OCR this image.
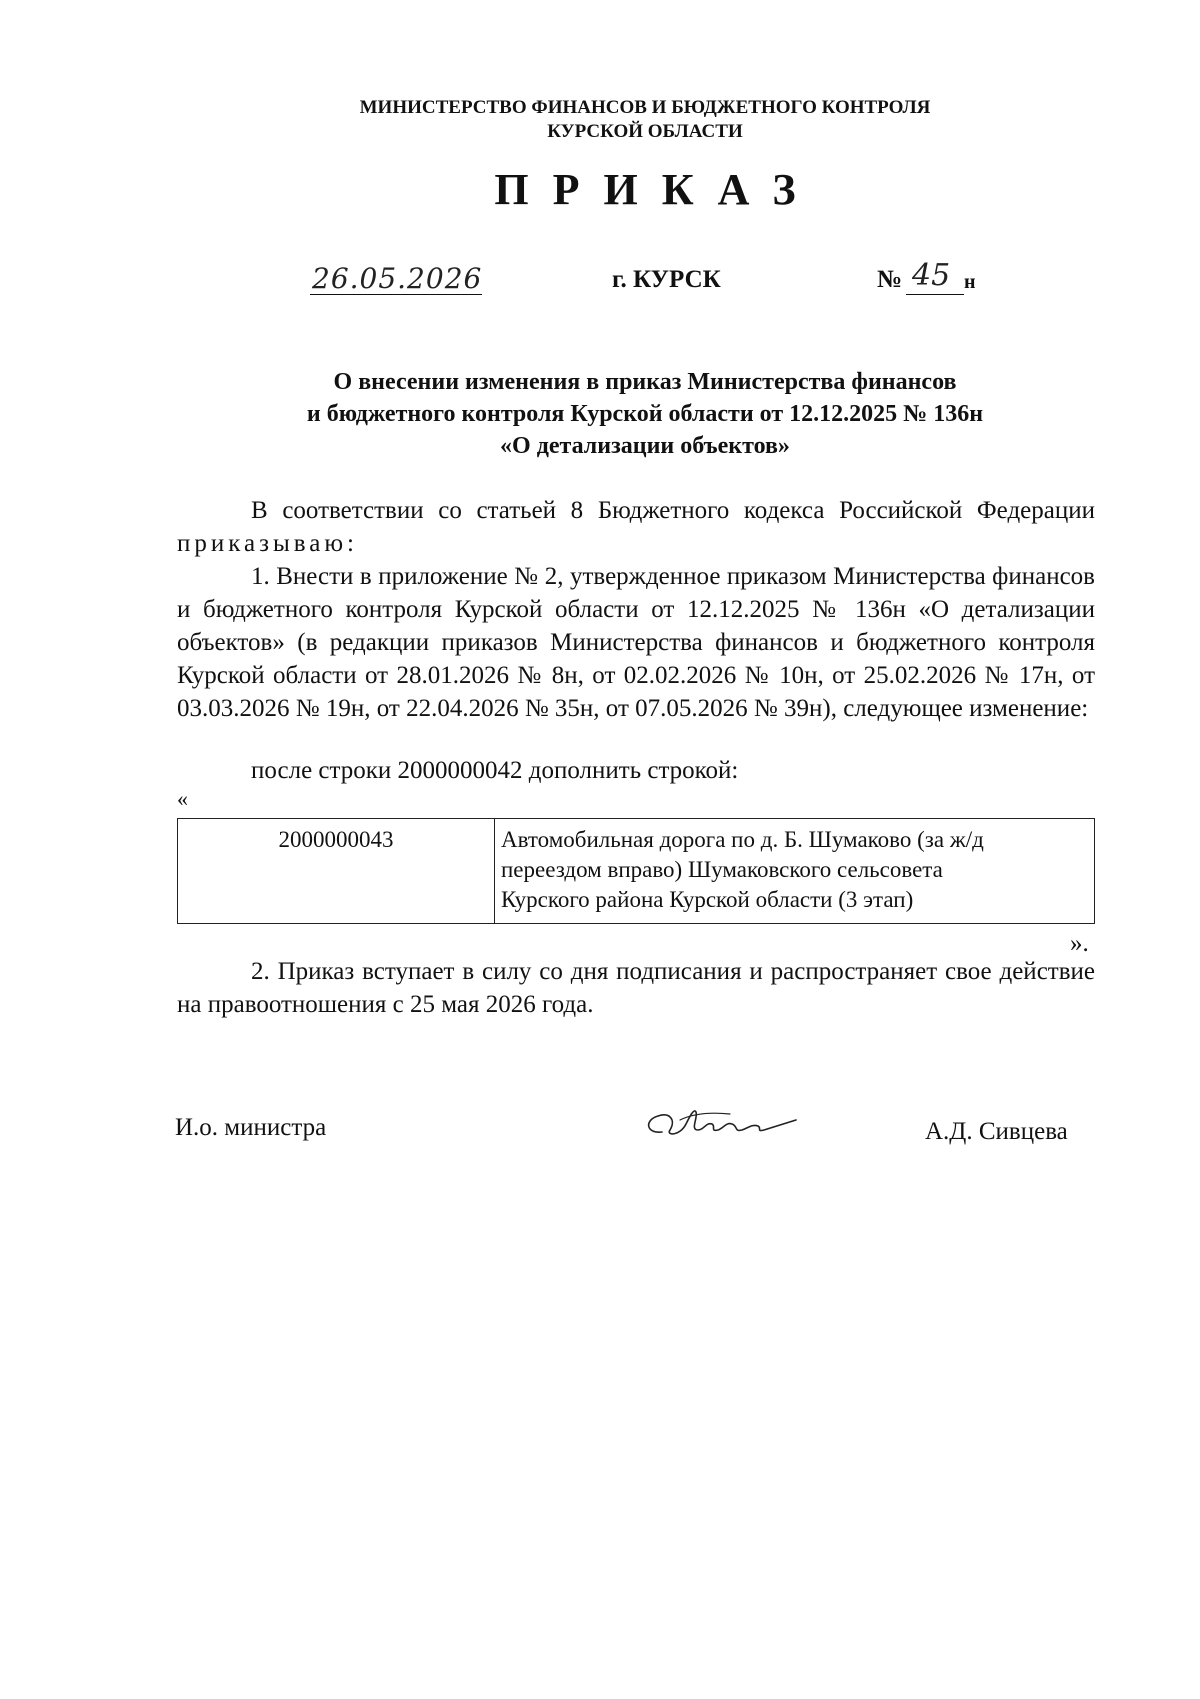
МИНИСТЕРСТВО ФИНАНСОВ И БЮДЖЕТНОГО КОНТРОЛЯ
КУРСКОЙ ОБЛАСТИ
ПРИКАЗ
26.05.2026	г. КУРСК	№ 45 н
О внесении изменения в приказ Министерства финансов
и бюджетного контроля Курской области от 12.12.2025 № 136н
«О детализации объектов»
В соответствии со статьей 8 Бюджетного кодекса Российской Федерации приказываю:
1. Внести в приложение № 2, утвержденное приказом Министерства финансов и бюджетного контроля Курской области от 12.12.2025 № 136н «О детализации объектов» (в редакции приказов Министерства финансов и бюджетного контроля Курской области от 28.01.2026 № 8н, от 02.02.2026 № 10н, от 25.02.2026 № 17н, от 03.03.2026 № 19н, от 22.04.2026 № 35н, от 07.05.2026 № 39н), следующее изменение:
после строки 2000000042 дополнить строкой:
«
2000000043	Автомобильная дорога по д. Б. Шумаково (за ж/д
переездом вправо) Шумаковского сельсовета
Курского района Курской области (3 этап)
».
2. Приказ вступает в силу со дня подписания и распространяет свое действие на правоотношения с 25 мая 2026 года.
И.о. министра	А.Д. Сивцева
